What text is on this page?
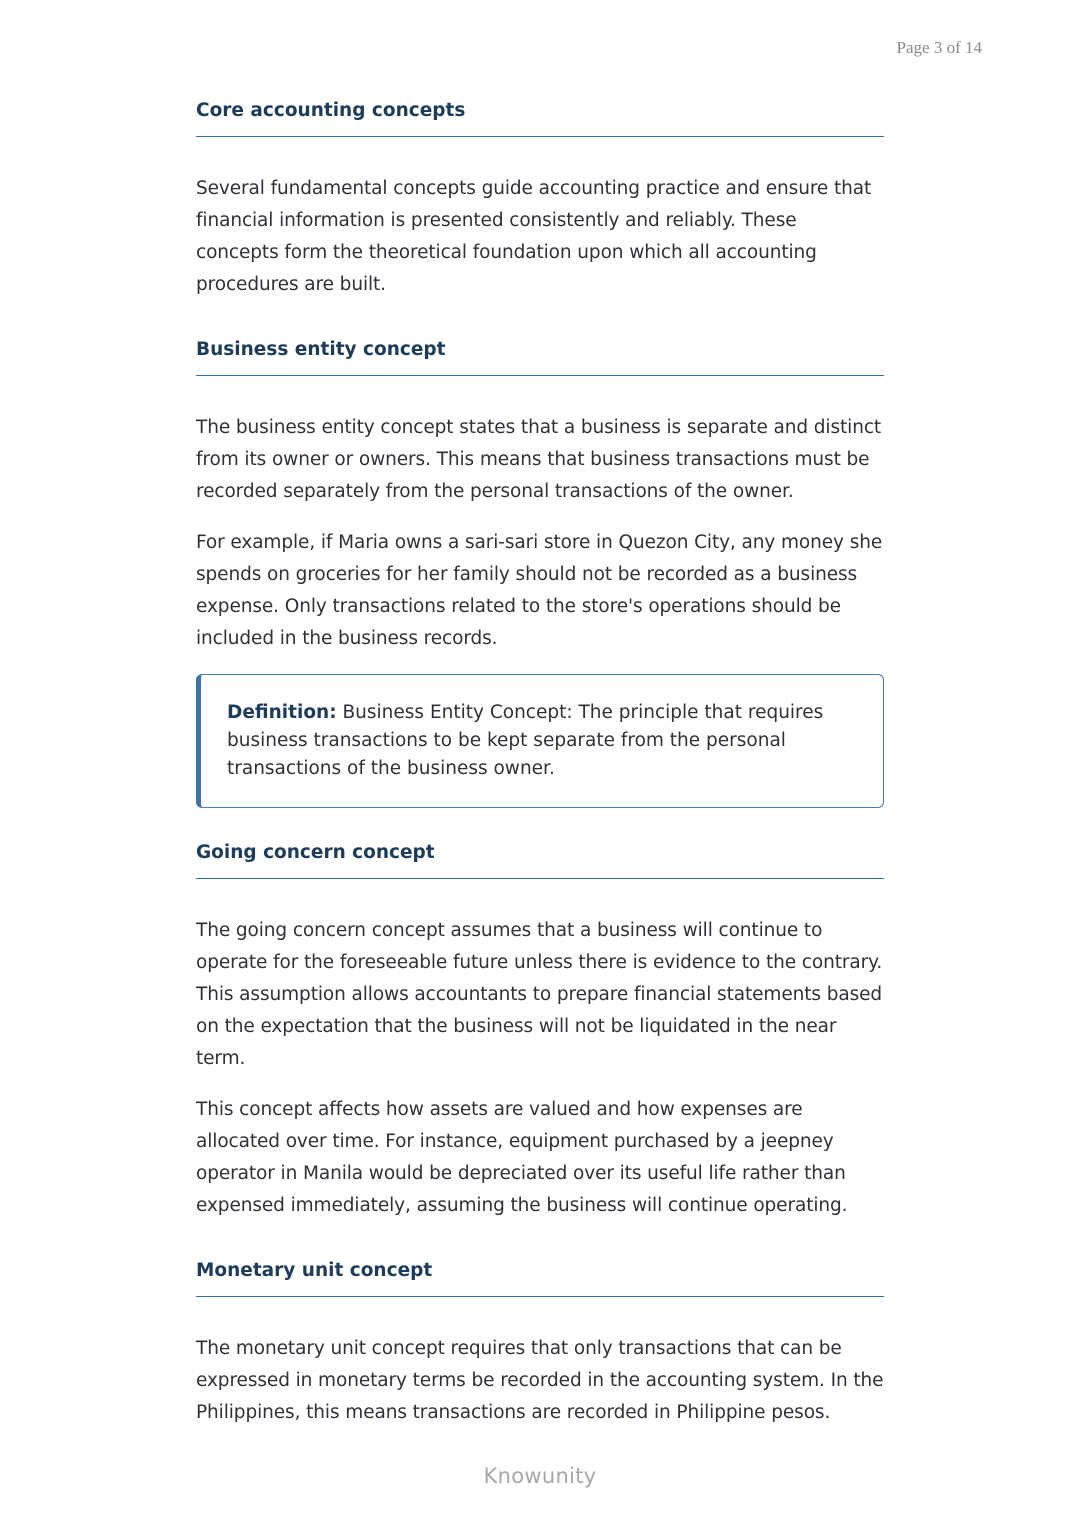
Page 3 of 14
Core accounting concepts

Several fundamental concepts guide accounting practice and ensure that financial information is presented consistently and reliably. These concepts form the theoretical foundation upon which all accounting procedures are built.

Business entity concept

The business entity concept states that a business is separate and distinct from its owner or owners. This means that business transactions must be recorded separately from the personal transactions of the owner.

For example, if Maria owns a sari-sari store in Quezon City, any money she spends on groceries for her family should not be recorded as a business expense. Only transactions related to the store's operations should be included in the business records.

Definition: Business Entity Concept: The principle that requires business transactions to be kept separate from the personal transactions of the business owner.
Going concern concept

The going concern concept assumes that a business will continue to operate for the foreseeable future unless there is evidence to the contrary. This assumption allows accountants to prepare financial statements based on the expectation that the business will not be liquidated in the near term.

This concept affects how assets are valued and how expenses are allocated over time. For instance, equipment purchased by a jeepney operator in Manila would be depreciated over its useful life rather than expensed immediately, assuming the business will continue operating.

Monetary unit concept

The monetary unit concept requires that only transactions that can be expressed in monetary terms be recorded in the accounting system. In the Philippines, this means transactions are recorded in Philippine pesos.

Knowunity
